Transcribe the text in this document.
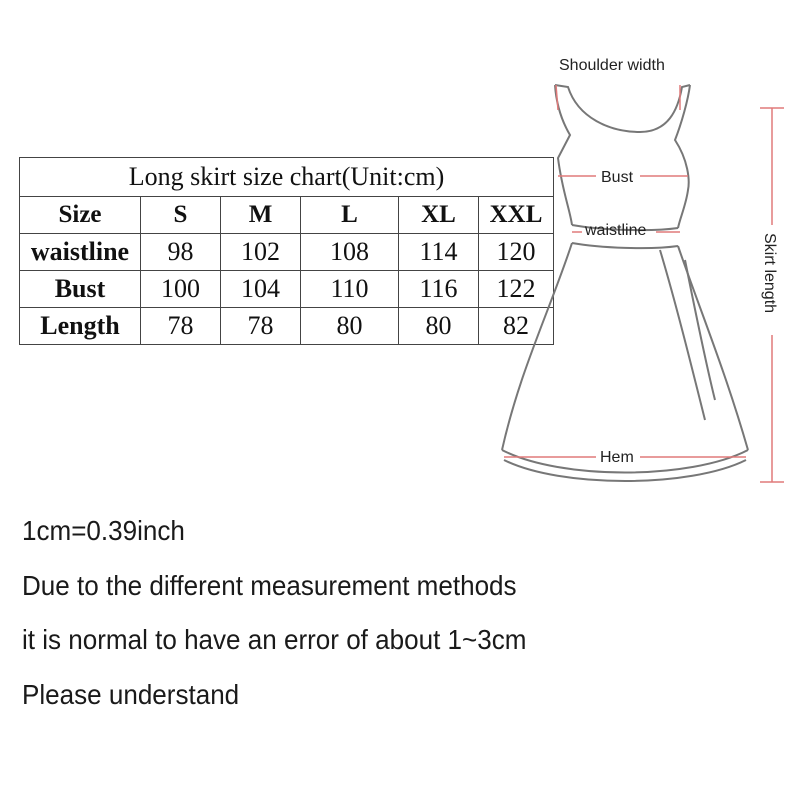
Long skirt size chart(Unit:cm)					
Size	S	M	L	XL	XXL
waistline	98	102	108	114	120
Bust	100	104	110	116	122
Length	78	78	80	80	82
Shoulder width
Bust
waistline
Hem
Skirt length
1cm=0.39inch
Due to the different measurement methods
it is normal to have an error of about 1~3cm
Please understand
